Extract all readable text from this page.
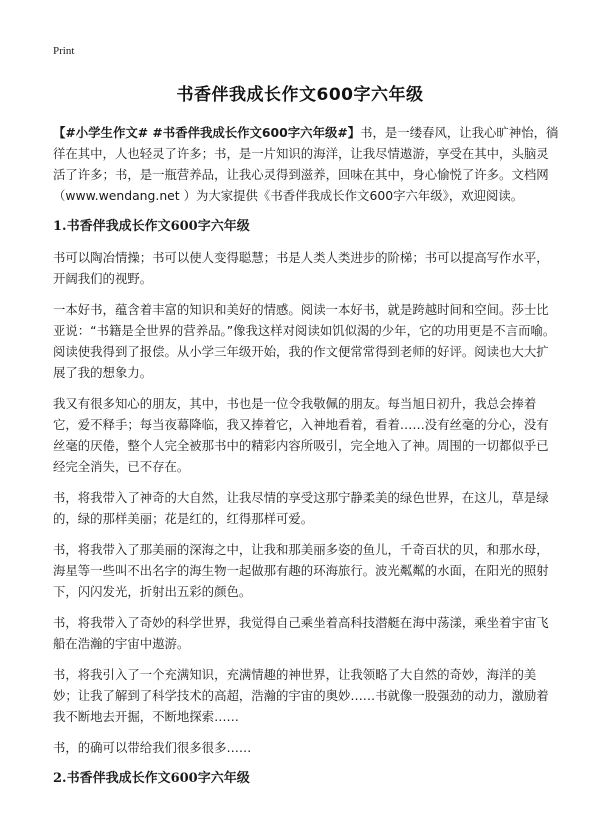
Print
书香伴我成长作文600字六年级

【#小学生作文# #书香伴我成长作文600字六年级#】书，是一缕春风，让我心旷神怡，徜徉在其中，人也轻灵了许多；书，是一片知识的海洋，让我尽情遨游，享受在其中，头脑灵活了许多；书，是一瓶营养品，让我心灵得到滋养，回味在其中，身心愉悦了许多。文档网（www.wendang.net ）为大家提供《书香伴我成长作文600字六年级》，欢迎阅读。

1.书香伴我成长作文600字六年级

书可以陶冶情操；书可以使人变得聪慧；书是人类人类进步的阶梯；书可以提高写作水平，开阔我们的视野。

一本好书，蕴含着丰富的知识和美好的情感。阅读一本好书，就是跨越时间和空间。莎士比亚说：“书籍是全世界的营养品。”像我这样对阅读如饥似渴的少年，它的功用更是不言而喻。阅读使我得到了报偿。从小学三年级开始，我的作文便常常得到老师的好评。阅读也大大扩展了我的想象力。

我又有很多知心的朋友，其中，书也是一位令我敬佩的朋友。每当旭日初升，我总会捧着它，爱不释手；每当夜幕降临，我又捧着它，入神地看着，看着……没有丝毫的分心，没有丝毫的厌倦，整个人完全被那书中的精彩内容所吸引，完全地入了神。周围的一切都似乎已经完全消失，已不存在。

书，将我带入了神奇的大自然，让我尽情的享受这那宁静柔美的绿色世界，在这儿，草是绿的，绿的那样美丽；花是红的，红得那样可爱。

书，将我带入了那美丽的深海之中，让我和那美丽多姿的鱼儿，千奇百状的贝，和那水母，海星等一些叫不出名字的海生物一起做那有趣的环海旅行。波光粼粼的水面，在阳光的照射下，闪闪发光，折射出五彩的颜色。

书，将我带入了奇妙的科学世界，我觉得自己乘坐着高科技潜艇在海中荡漾，乘坐着宇宙飞船在浩瀚的宇宙中遨游。

书，将我引入了一个充满知识，充满情趣的神世界，让我领略了大自然的奇妙，海洋的美妙；让我了解到了科学技术的高超，浩瀚的宇宙的奥妙……书就像一股强劲的动力，激励着我不断地去开掘，不断地探索……

书，的确可以带给我们很多很多……

2.书香伴我成长作文600字六年级
